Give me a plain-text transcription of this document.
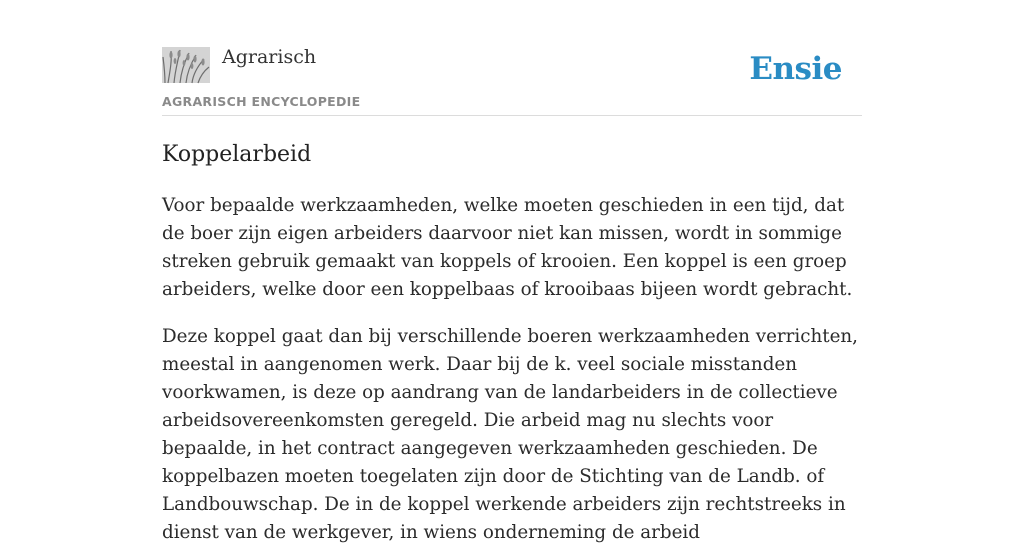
Agrarisch
AGRARISCH ENCYCLOPEDIE
Ensie
Koppelarbeid

Voor bepaalde werkzaamheden, welke moeten geschieden in een tijd, dat de boer zijn eigen arbeiders daarvoor niet kan missen, wordt in sommige streken gebruik gemaakt van koppels of krooien. Een koppel is een groep arbeiders, welke door een koppelbaas of krooibaas bijeen wordt gebracht.

Deze koppel gaat dan bij verschillende boeren werkzaamheden verrichten, meestal in aangenomen werk. Daar bij de k. veel sociale misstanden voorkwamen, is deze op aandrang van de landarbeiders in de collectieve arbeidsovereenkomsten geregeld. Die arbeid mag nu slechts voor bepaalde, in het contract aangegeven werkzaamheden geschieden. De koppelbazen moeten toegelaten zijn door de Stichting van de Landb. of Landbouwschap. De in de koppel werkende arbeiders zijn rechtstreeks in dienst van de werkgever, in wiens onderneming de arbeid
